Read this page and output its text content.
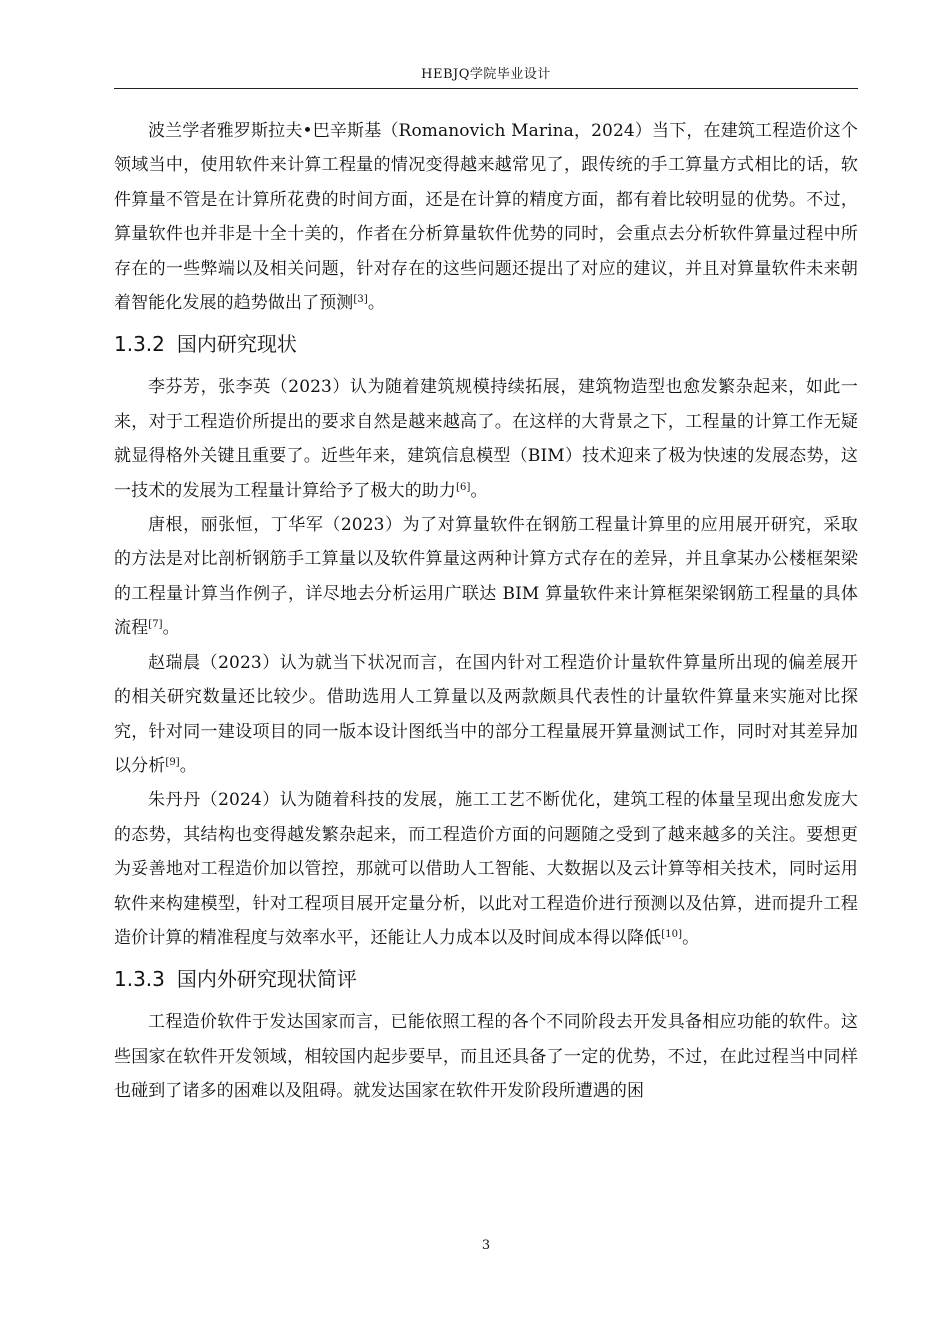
HEBJQ学院毕业设计

波兰学者雅罗斯拉夫•巴辛斯基（Romanovich Marina，2024）当下，在建筑工程造价这个领域当中，使用软件来计算工程量的情况变得越来越常见了，跟传统的手工算量方式相比的话，软件算量不管是在计算所花费的时间方面，还是在计算的精度方面，都有着比较明显的优势。不过，算量软件也并非是十全十美的，作者在分析算量软件优势的同时，会重点去分析软件算量过程中所存在的一些弊端以及相关问题，针对存在的这些问题还提出了对应的建议，并且对算量软件未来朝着智能化发展的趋势做出了预测[3]。

1.3.2 国内研究现状

李芬芳，张李英（2023）认为随着建筑规模持续拓展，建筑物造型也愈发繁杂起来，如此一来，对于工程造价所提出的要求自然是越来越高了。在这样的大背景之下，工程量的计算工作无疑就显得格外关键且重要了。近些年来，建筑信息模型（BIM）技术迎来了极为快速的发展态势，这一技术的发展为工程量计算给予了极大的助力[6]。

唐根，丽张恒，丁华军（2023）为了对算量软件在钢筋工程量计算里的应用展开研究，采取的方法是对比剖析钢筋手工算量以及软件算量这两种计算方式存在的差异，并且拿某办公楼框架梁的工程量计算当作例子，详尽地去分析运用广联达 BIM 算量软件来计算框架梁钢筋工程量的具体流程[7]。

赵瑞晨（2023）认为就当下状况而言，在国内针对工程造价计量软件算量所出现的偏差展开的相关研究数量还比较少。借助选用人工算量以及两款颇具代表性的计量软件算量来实施对比探究，针对同一建设项目的同一版本设计图纸当中的部分工程量展开算量测试工作，同时对其差异加以分析[9]。

朱丹丹（2024）认为随着科技的发展，施工工艺不断优化，建筑工程的体量呈现出愈发庞大的态势，其结构也变得越发繁杂起来，而工程造价方面的问题随之受到了越来越多的关注。要想更为妥善地对工程造价加以管控，那就可以借助人工智能、大数据以及云计算等相关技术，同时运用软件来构建模型，针对工程项目展开定量分析，以此对工程造价进行预测以及估算，进而提升工程造价计算的精准程度与效率水平，还能让人力成本以及时间成本得以降低[10]。

1.3.3 国内外研究现状简评

工程造价软件于发达国家而言，已能依照工程的各个不同阶段去开发具备相应功能的软件。这些国家在软件开发领域，相较国内起步要早，而且还具备了一定的优势，不过，在此过程当中同样也碰到了诸多的困难以及阻碍。就发达国家在软件开发阶段所遭遇的困

3
